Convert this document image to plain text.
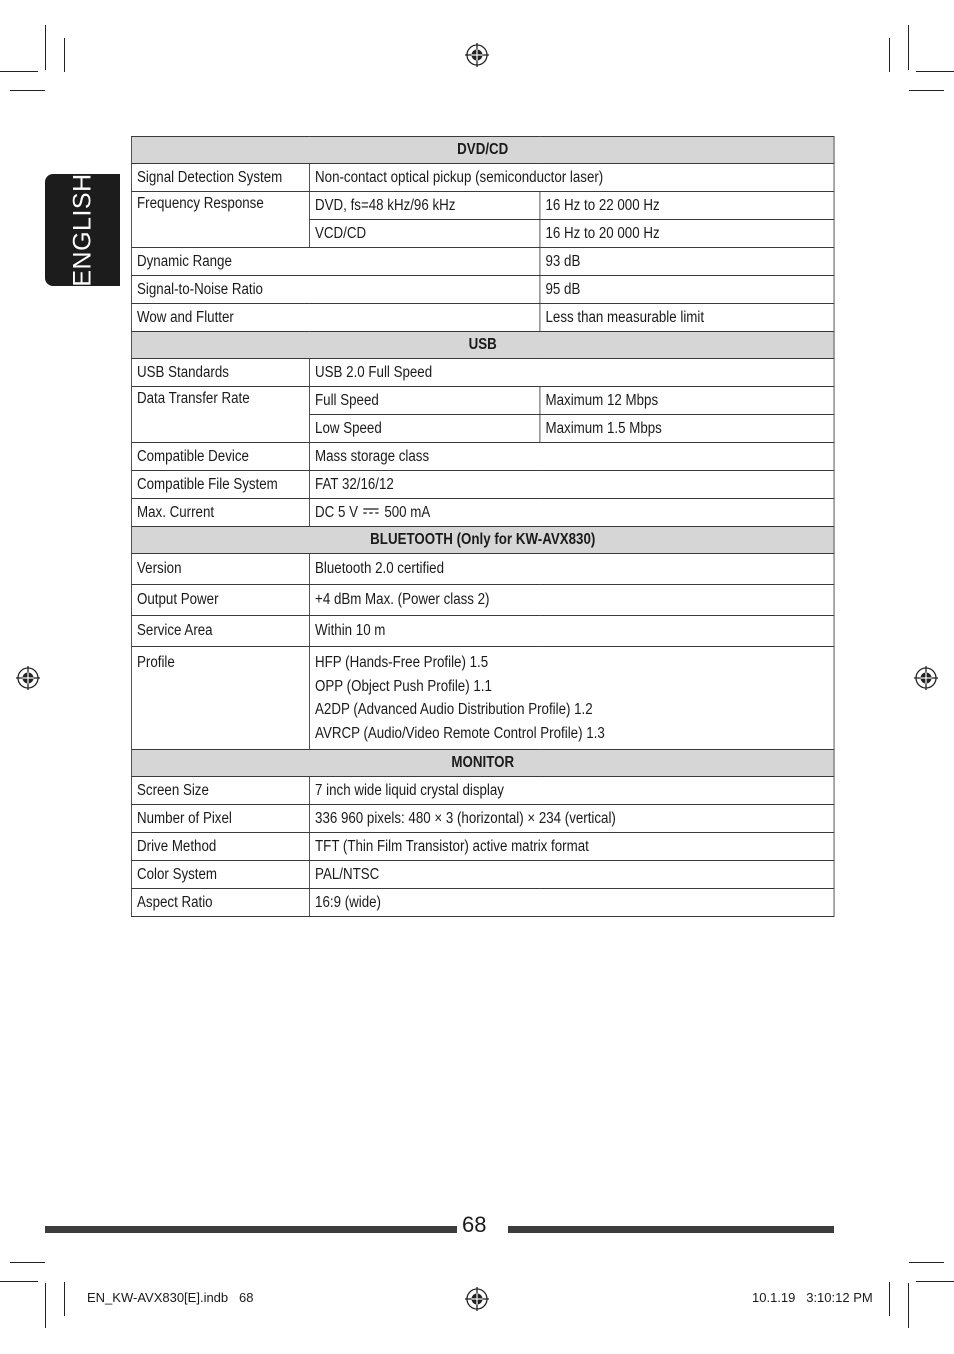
ENGLISH
DVD/CD		
Signal Detection System	Non-contact optical pickup (semiconductor laser)	
Frequency Response	DVD, fs=48 kHz/96 kHz	16 Hz to 22 000 Hz
	VCD/CD	16 Hz to 20 000 Hz
Dynamic Range		93 dB
Signal-to-Noise Ratio		95 dB
Wow and Flutter		Less than measurable limit
USB		
USB Standards	USB 2.0 Full Speed	
Data Transfer Rate	Full Speed	Maximum 12 Mbps
	Low Speed	Maximum 1.5 Mbps
Compatible Device	Mass storage class	
Compatible File System	FAT 32/16/12	
Max. Current	DC 5 V 500 mA	
BLUETOOTH (Only for KW-AVX830)		
Version	Bluetooth 2.0 certified	
Output Power	+4 dBm Max. (Power class 2)	
Service Area	Within 10 m	

Profile	HFP (Hands-Free Profile) 1.5
OPP (Object Push Profile) 1.1
A2DP (Advanced Audio Distribution Profile) 1.2
AVRCP (Audio/Video Remote Control Profile) 1.3	

MONITOR		
Screen Size	7 inch wide liquid crystal display	
Number of Pixel	336 960 pixels: 480 × 3 (horizontal) × 234 (vertical)	
Drive Method	TFT (Thin Film Transistor) active matrix format	
Color System	PAL/NTSC	
Aspect Ratio	16:9 (wide)	
68
EN_KW-AVX830[E].indb   68	10.1.19   3:10:12 PM
